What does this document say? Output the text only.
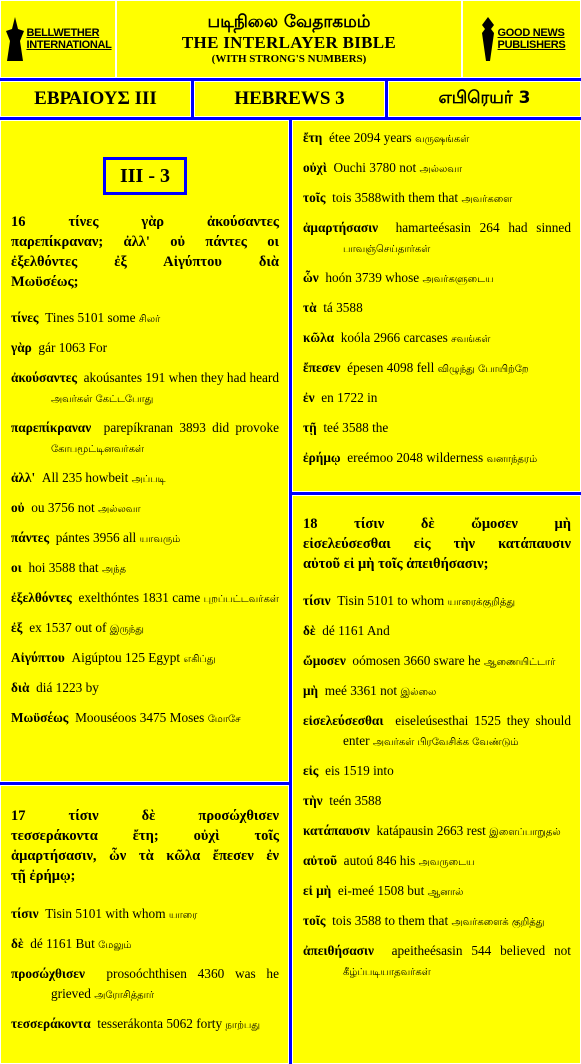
BELLWETHER
INTERNATIONAL
படிநிலை வேதாகமம்
THE INTERLAYER BIBLE
(WITH STRONG'S NUMBERS)
GOOD NEWS
PUBLISHERS
ΕΒΡΑΙΟΥΣ ΙΙΙ	HEBREWS 3	எபிரெயர் 3
III - 3
16 τίνες γὰρ ἀκούσαντες
παρεπίκραναν; ἀλλ' οὐ πάντες οι
ἐξελθόντες ἐξ Αἰγύπτου διὰ
Μωϋσέως;

τίνες Tines 5101 some சிலர்

γὰρ gár 1063 For

ἀκούσαντες akoúsantes 191 when they had heard அவர்கள் கேட்டபோது

παρεπίκραναν parepíkranan 3893 did provoke கோபமூட்டினவர்கள்

ἀλλ' All 235 howbeit அப்படி

οὐ ou 3756 not அல்லவா

πάντες pántes 3956 all யாவரும்

οι hoi 3588 that அந்த

ἐξελθόντες exelthóntes 1831 came புறப்பட்டவர்கள்

ἐξ ex 1537 out of இருந்து

Αἰγύπτου Aigúptou 125 Egypt எகிப்து

διὰ diá 1223 by

Μωϋσέως Moouséoos 3475 Moses மோசே

17 τίσιν δὲ προσώχθισεν
τεσσεράκοντα ἔτη; οὐχὶ τοῖς
ἁμαρτήσασιν, ὧν τὰ κῶλα ἔπεσεν ἐν
τῇ ἐρήμῳ;

τίσιν Tisin 5101 with whom யாரை

δὲ dé 1161 But மேலும்

προσώχθισεν prosoóchthisen 4360 was he grieved அரோசித்தார்

τεσσεράκοντα tesserákonta 5062 forty நாற்பது

ἔτη étee 2094 years வருஷங்கள்

οὐχὶ Ouchi 3780 not அல்லவா

τοῖς tois 3588with them that அவர்களை

ἁμαρτήσασιν hamarteésasin 264 had sinned பாவஞ்செய்தார்கள்

ὧν hoón 3739 whose அவர்களுடைய

τὰ tá 3588

κῶλα koóla 2966 carcases சவங்கள்

ἔπεσεν épesen 4098 fell விழுந்து போயிற்றே

ἐν en 1722 in

τῇ teé 3588 the

ἐρήμῳ ereémoo 2048 wilderness வனாந்தரம்

18 τίσιν δὲ ὤμοσεν μὴ
εἰσελεύσεσθαι εἰς τὴν κατάπαυσιν
αὐτοῦ εἰ μὴ τοῖς ἀπειθήσασιν;

τίσιν Tisin 5101 to whom யாரைக்குறித்து

δὲ dé 1161 And

ὤμοσεν oómosen 3660 sware he ஆணையிட்டார்

μὴ meé 3361 not இல்லை

εἰσελεύσεσθαι eiseleúsesthai 1525 they should enter அவர்கள் பிரவேசிக்க வேண்டும்

εἰς eis 1519 into

τὴν teén 3588

κατάπαυσιν katápausin 2663 rest இளைப்பாறுதல்

αὐτοῦ autoú 846 his அவருடைய

εἰ μὴ ei-meé 1508 but ஆனால்

τοῖς tois 3588 to them that அவர்களைக் குறித்து

ἀπειθήσασιν apeitheésasin 544 believed not கீழ்ப்படியாதவர்கள்
